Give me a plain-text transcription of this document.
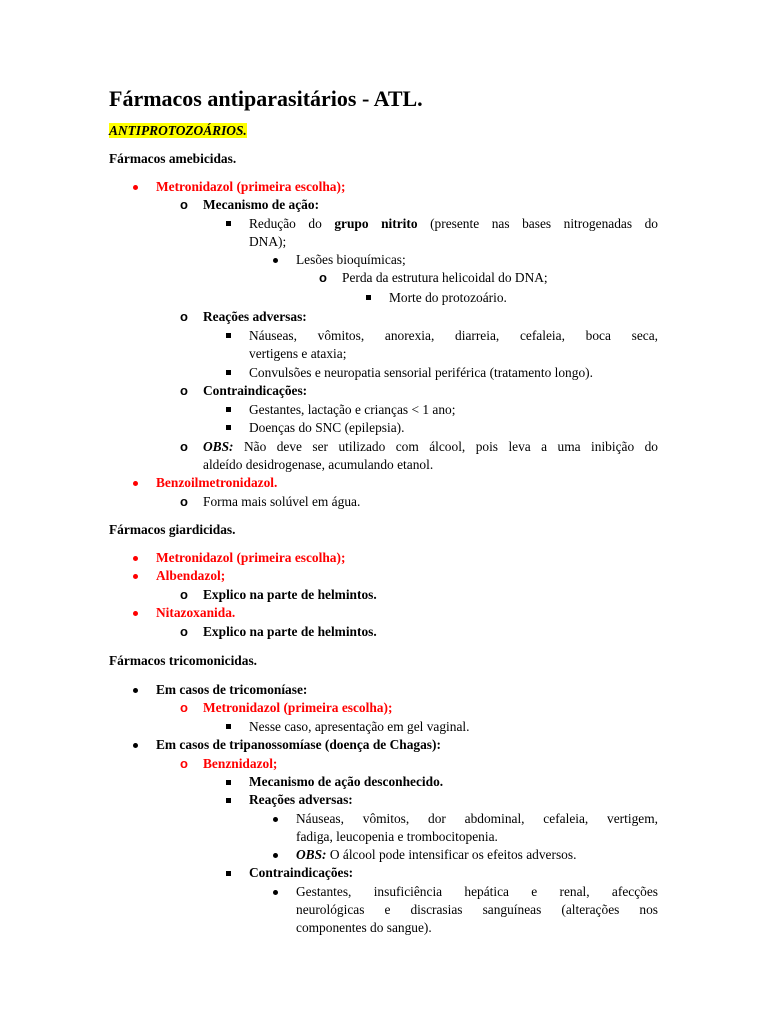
Fármacos antiparasitários - ATL.
ANTIPROTOZOÁRIOS.
Fármacos amebicidas.
Metronidazol (primeira escolha);
o Mecanismo de ação:
Redução do grupo nitrito (presente nas bases nitrogenadas do
DNA);
Lesões bioquímicas;
o Perda da estrutura helicoidal do DNA;
Morte do protozoário.
o Reações adversas:
Náuseas, vômitos, anorexia, diarreia, cefaleia, boca seca,
vertigens e ataxia;
Convulsões e neuropatia sensorial periférica (tratamento longo).
o Contraindicações:
Gestantes, lactação e crianças < 1 ano;
Doenças do SNC (epilepsia).
o OBS: Não deve ser utilizado com álcool, pois leva a uma inibição do
aldeído desidrogenase, acumulando etanol.
Benzoilmetronidazol.
o Forma mais solúvel em água.
Fármacos giardicidas.
Metronidazol (primeira escolha);
Albendazol;
o Explico na parte de helmintos.
Nitazoxanida.
o Explico na parte de helmintos.
Fármacos tricomonicidas.
Em casos de tricomoníase:
o Metronidazol (primeira escolha);
Nesse caso, apresentação em gel vaginal.
Em casos de tripanossomíase (doença de Chagas):
o Benznidazol;
Mecanismo de ação desconhecido.
Reações adversas:
Náuseas, vômitos, dor abdominal, cefaleia, vertigem,
fadiga, leucopenia e trombocitopenia.
OBS: O álcool pode intensificar os efeitos adversos.
Contraindicações:
Gestantes, insuficiência hepática e renal, afecções
neurológicas e discrasias sanguíneas (alterações nos
componentes do sangue).
